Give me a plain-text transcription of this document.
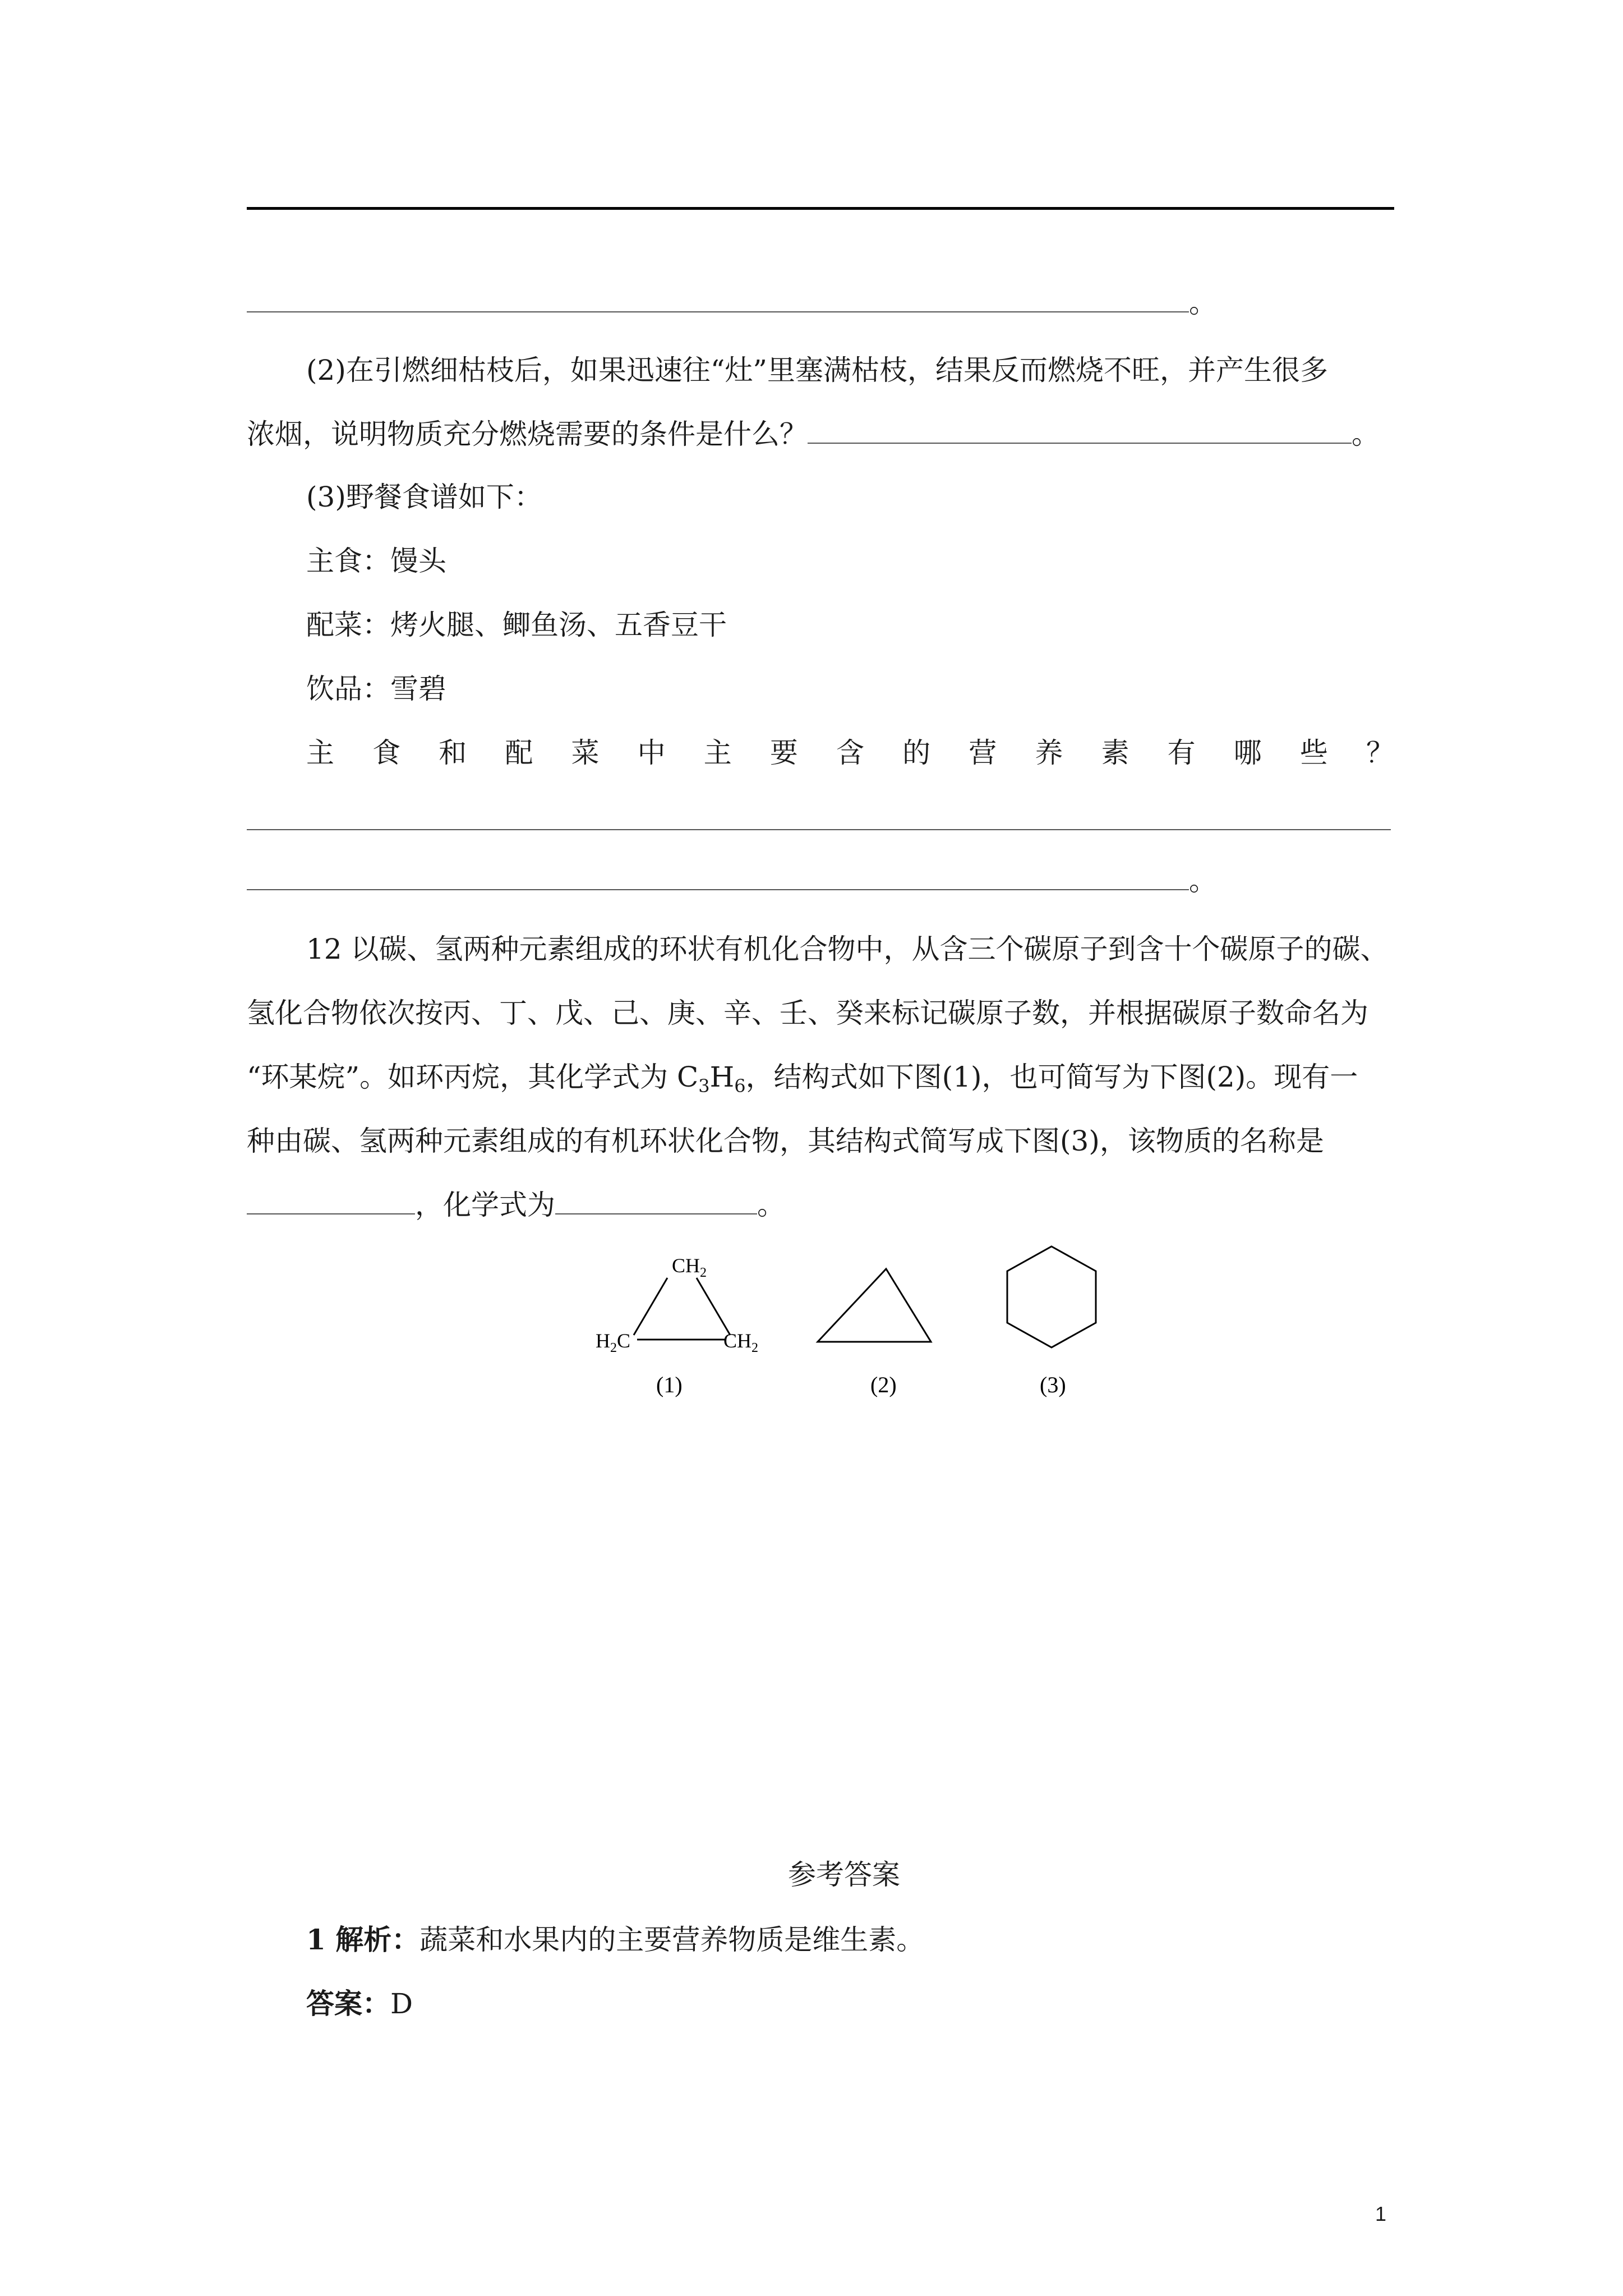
。

(2)在引燃细枯枝后，如果迅速往“灶”里塞满枯枝，结果反而燃烧不旺，并产生很多

浓烟，说明物质充分燃烧需要的条件是什么？	。

(3)野餐食谱如下：

主食：馒头

配菜：烤火腿、鲫鱼汤、五香豆干

饮品：雪碧

主 食 和 配 菜 中 主 要 含 的 营 养 素 有 哪 些 ？
。

12 以碳、氢两种元素组成的环状有机化合物中，从含三个碳原子到含十个碳原子的碳、

氢化合物依次按丙、丁、戊、己、庚、辛、壬、癸来标记碳原子数，并根据碳原子数命名为

“环某烷”。如环丙烷，其化学式为 $C_3H_6$，结构式如下图(1)，也可简写为下图(2)。现有一

种由碳、氢两种元素组成的有机环状化合物，其结构式简写成下图(3)，该物质的名称是

，化学式为	。
$CH_2$
$H_2C$	$CH_2$
(1)	(2)	(3)

参考答案

1 解析：蔬菜和水果内的主要营养物质是维生素。
答案：D

1
